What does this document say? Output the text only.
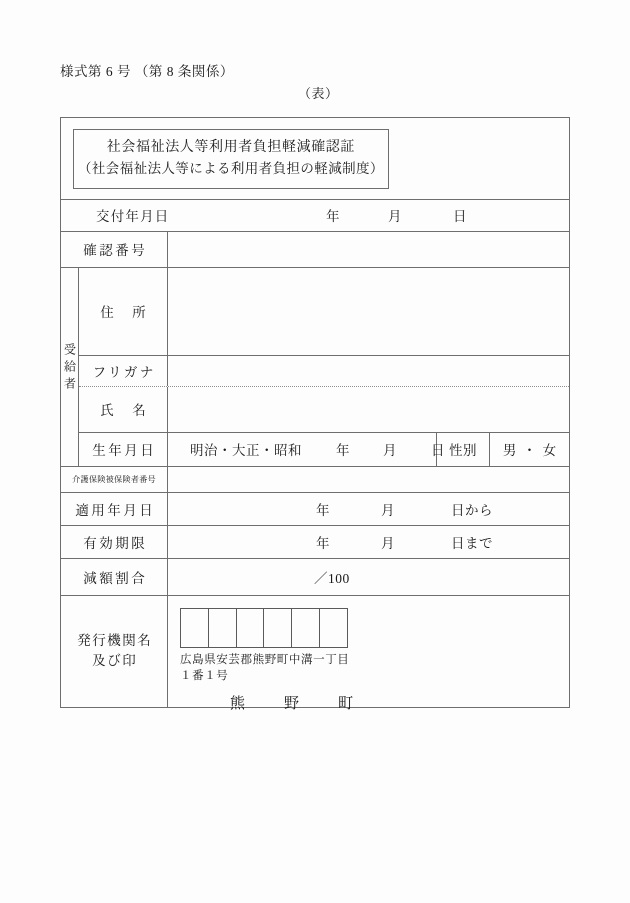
様式第 6 号 （第 8 条関係）
（表）
社会福祉法人等利用者負担軽減確認証
（社会福祉法人等による利用者負担の軽減制度）
交付年月日	年	月	日
確認番号
受給者
住　所
フリガナ
氏　名
生年月日	明治・大正・昭和	年 月	日 性別	男 ・ 女
介護保険被保険者番号
適用年月日	年	月	日から
有効期限	年	月	日まで
減額割合	／100
発行機関名
及び印	広島県安芸郡熊野町中溝一丁目
１番１号
熊　野　町
